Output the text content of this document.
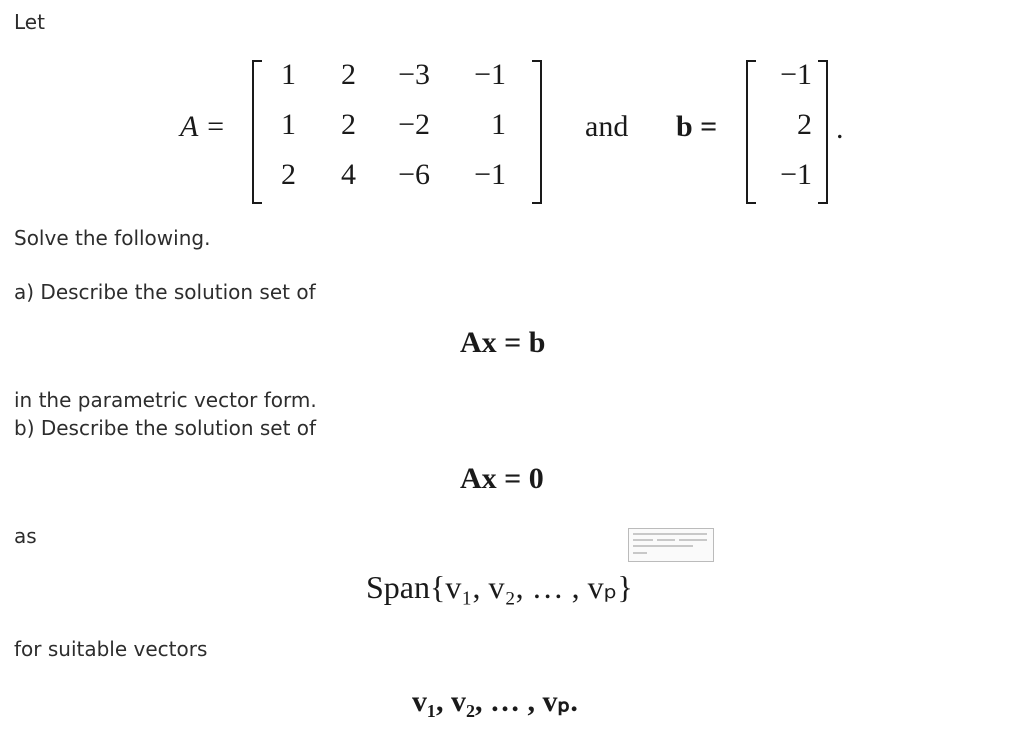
Let
A =
1	2	−3	−1
1	2	−2	1
2	4	−6	−1
and b =
−1
2
−1
.
Solve the following.
a) Describe the solution set of
Ax = b
in the parametric vector form.
b) Describe the solution set of
Ax = 0
as
Span{v₁, v₂, … , vₚ}
for suitable vectors
v₁, v₂, … , vₚ.
